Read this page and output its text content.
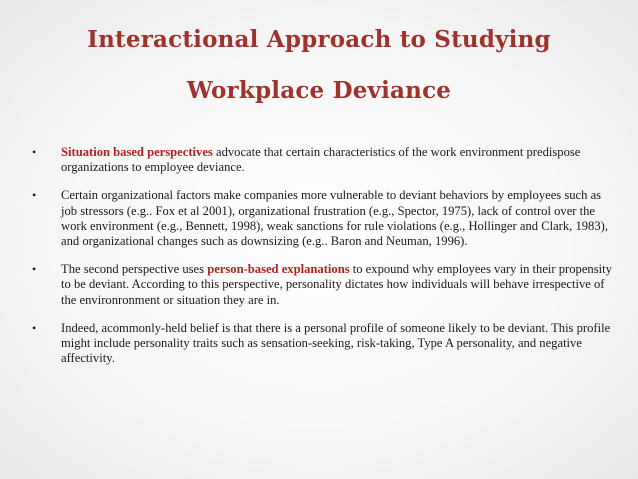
Interactional Approach to Studying
Workplace Deviance
• Situation based perspectives advocate that certain characteristics of the work environment predispose organizations to employee deviance.
• Certain organizational factors make companies more vulnerable to deviant behaviors by employees such as job stressors (e.g.. Fox et al 2001), organizational frustration (e.g., Spector, 1975), lack of control over the work environment (e.g., Bennett, 1998), weak sanctions for rule violations (e.g., Hollinger and Clark, 1983), and organizational changes such as downsizing (e.g.. Baron and Neuman, 1996).
• The second perspective uses person-based explanations to expound why employees vary in their propensity to be deviant. According to this perspective, personality dictates how individuals will behave irrespective of the environronment or situation they are in.
• Indeed, acommonly-held belief is that there is a personal profile of someone likely to be deviant. This profile might include personality traits such as sensation-seeking, risk-taking, Type A personality, and negative affectivity.
